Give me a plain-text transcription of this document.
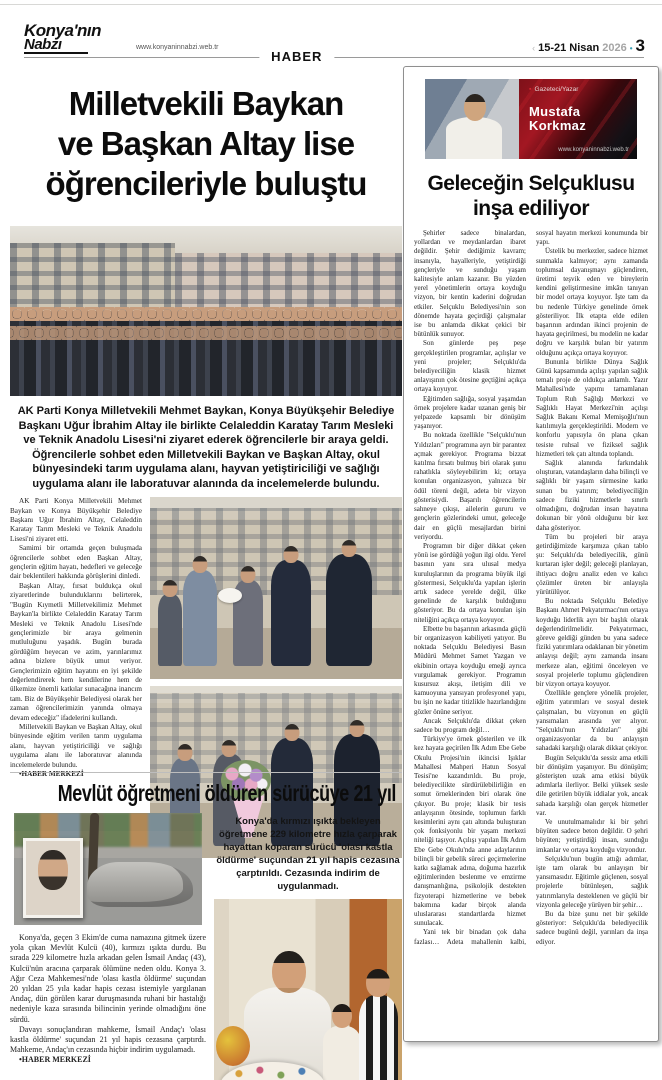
Konya'nın
Nabzı	www.konyaninnabzi.web.tr	‹ 15-21 Nisan 2026 • 3
HABER
Milletvekili Baykan
ve Başkan Altay lise
öğrencileriyle buluştu

AK Parti Konya Milletvekili Mehmet Baykan, Konya Büyükşehir Belediye Başkanı Uğur İbrahim Altay ile birlikte Celaleddin Karatay Tarım Mesleki ve Teknik Anadolu Lisesi'ni ziyaret ederek öğrencilerle bir araya geldi. Öğrencilerle sohbet eden Milletvekili Baykan ve Başkan Altay, okul bünyesindeki tarım uygulama alanı, hayvan yetiştiriciliği ve sağlığı uygulama alanı ile laboratuvar alanında da incelemelerde bulundu.

AK Parti Konya Milletvekili Mehmet Baykan ve Konya Büyükşehir Belediye Başkanı Uğur İbrahim Altay, Celaleddin Karatay Tarım Mesleki ve Teknik Anadolu Lisesi'ni ziyaret etti.

Samimi bir ortamda geçen buluşmada öğrencilerle sohbet eden Başkan Altay, gençlerin eğitim hayatı, hedefleri ve geleceğe dair beklentileri hakkında görüşlerini dinledi.

Başkan Altay, fırsat buldukça okul ziyaretlerinde bulunduklarını belirterek, "Bugün Kıymetli Milletvekilimiz Mehmet Baykan'la birlikte Celaleddin Karatay Tarım Mesleki ve Teknik Anadolu Lisesi'nde gençlerimizle bir araya gelmenin mutluluğunu yaşadık. Bugün burada gördüğüm heyecan ve azim, yarınlarımız adına bizlere büyük umut veriyor. Gençlerimizin eğitim hayatını en iyi şekilde değerlendirerek hem kendilerine hem de ülkemize önemli katkılar sunacağına inancım tam. Biz de Büyükşehir Belediyesi olarak her zaman öğrencilerimizin yanında olmaya devam edeceğiz" ifadelerini kullandı.

Milletvekili Baykan ve Başkan Altay, okul bünyesinde eğitim verilen tarım uygulama alanı, hayvan yetiştiriciliği ve sağlığı uygulama alanı ile laboratuvar alanında incelemelerde bulundu.

•HABER MERKEZİ

Mevlüt öğretmeni öldüren sürücüye 21 yıl

Konya'da, geçen 3 Ekim'de cuma namazına gitmek üzere yola çıkan Mevlüt Kulcü (40), kırmızı ışıkta durdu. Bu sırada 229 kilometre hızla arkadan gelen İsmail Andaç (43), Kulcü'nün aracına çarparak ölümüne neden oldu. Konya 3. Ağır Ceza Mahkemesi'nde 'olası kastla öldürme' suçundan 20 yıldan 25 yıla kadar hapis cezası istemiyle yargılanan Andaç, dün görülen karar duruşmasında ruhani bir hastalığı nedeniyle kaza sırasında bilincinin yerinde olmadığını öne sürdü.

Davayı sonuçlandıran mahkeme, İsmail Andaç'ı 'olası kastla öldürme' suçundan 21 yıl hapis cezasına çarptırdı. Mahkeme, Andaç'ın cezasında hiçbir indirim uygulamadı.

•HABER MERKEZİ

Konya'da kırmızı ışıkta bekleyen öğretmene 229 kilometre hızla çarparak hayattan koparan sürücü 'olası kastla öldürme' suçundan 21 yıl hapis cezasına çarptırıldı. Cezasında indirim de uygulanmadı.

▪ Gazeteci/Yazar
Mustafa
Korkmaz
www.konyaninnabzi.web.tr
Geleceğin Selçuklusu
inşa ediliyor

Şehirler sadece binalardan, yollardan ve meydanlardan ibaret değildir. Şehir dediğimiz kavram; insanıyla, hayalleriyle, yetiştirdiği gençleriyle ve sunduğu yaşam kalitesiyle anlam kazanır. Bu yüzden yerel yönetimlerin ortaya koyduğu vizyon, bir kentin kaderini doğrudan etkiler. Selçuklu Belediyesi'nin son dönemde hayata geçirdiği çalışmalar ise bu anlamda dikkat çekici bir bütünlük sunuyor.

Son günlerde peş peşe gerçekleştirilen programlar, açılışlar ve yeni projeler; Selçuklu'da belediyeciliğin klasik hizmet anlayışının çok ötesine geçtiğini açıkça ortaya koyuyor.

Eğitimden sağlığa, sosyal yaşamdan örnek projelere kadar uzanan geniş bir yelpazede kapsamlı bir dönüşüm yaşanıyor.

Bu noktada özellikle "Selçuklu'nun Yıldızları" programına ayrı bir parantez açmak gerekiyor. Programa bizzat katılma fırsatı bulmuş biri olarak şunu rahatlıkla söyleyebilirim ki; ortaya konulan organizasyon, yalnızca bir ödül töreni değil, adeta bir vizyon gösterisiydi. Başarılı öğrencilerin sahneye çıkışı, ailelerin gururu ve gençlerin gözlerindeki umut, geleceğe dair en güçlü mesajlardan birini veriyordu.

Programın bir diğer dikkat çeken yönü ise gördüğü yoğun ilgi oldu. Yerel basının yanı sıra ulusal medya kuruluşlarının da programa büyük ilgi göstermesi, Selçuklu'da yapılan işlerin artık sadece yerelde değil, ülke genelinde de karşılık bulduğunu gösteriyor. Bu da ortaya konulan işin niteliğini açıkça ortaya koyuyor.

Elbette bu başarının arkasında güçlü bir organizasyon kabiliyeti yatıyor. Bu noktada Selçuklu Belediyesi Basın Müdürü Mehmet Samet Yazgan ve ekibinin ortaya koyduğu emeği ayrıca vurgulamak gerekiyor. Programın kusursuz akışı, iletişim dili ve kamuoyuna yansıyan profesyonel yapı, bu işin ne kadar titizlikle hazırlandığını gözler önüne seriyor.

Ancak Selçuklu'da dikkat çeken sadece bu program değil…

Türkiye'ye örnek gösterilen ve ilk kez hayata geçirilen İlk Adım Ebe Gebe Okulu Projesi'nin ikincisi Işıklar Mahallesi Mahperi Hatun Sosyal Tesisi'ne kazandırıldı. Bu proje, belediyecilikte sürdürülebilirliğin en somut örneklerinden biri olarak öne çıkıyor. Bu proje; klasik bir tesis anlayışının ötesinde, toplumun farklı kesimlerini aynı çatı altında buluşturan çok fonksiyonlu bir yaşam merkezi niteliği taşıyor. Açılışı yapılan İlk Adım Ebe Gebe Okulu'nda anne adaylarının bilinçli bir gebelik süreci geçirmelerine katkı sağlamak adına, doğuma hazırlık eğitimlerinden beslenme ve emzirme danışmanlığına, psikolojik destekten fizyoterapi hizmetlerine ve bebek bakımına kadar birçok alanda uluslararası standartlarda hizmet sunulacak.

Yani tek bir binadan çok daha fazlası… Adeta mahallenin kalbi, sosyal hayatın merkezi konumunda bir yapı.

Üstelik bu merkezler, sadece hizmet sunmakla kalmıyor; aynı zamanda toplumsal dayanışmayı güçlendiren, üretimi teşvik eden ve bireylerin kendini geliştirmesine imkân tanıyan bir model ortaya koyuyor. İşte tam da bu nedenle Türkiye genelinde örnek gösteriliyor. İlk etapta elde edilen başarının ardından ikinci projenin de hayata geçirilmesi, bu modelin ne kadar doğru ve karşılık bulan bir yatırım olduğunu açıkça ortaya koyuyor.

Bununla birlikte Dünya Sağlık Günü kapsamında açılışı yapılan sağlık temalı proje de oldukça anlamlı. Yazır Mahallesi'nde yapımı tamamlanan Toplum Ruh Sağlığı Merkezi ve Sağlıklı Hayat Merkezi'nin açılışı Sağlık Bakanı Kemal Memişoğlu'nun katılımıyla gerçekleştirildi. Modern ve konforlu yapısıyla ön plana çıkan tesiste ruhsal ve fiziksel sağlık hizmetleri tek çatı altında toplandı.

Sağlık alanında farkındalık oluşturan, vatandaşların daha bilinçli ve sağlıklı bir yaşam sürmesine katkı sunan bu yatırım; belediyeciliğin sadece fiziki hizmetlerle sınırlı olmadığını, doğrudan insan hayatına dokunan bir yönü olduğunu bir kez daha gösteriyor.

Tüm bu projeleri bir araya getirdiğimizde karşımıza çıkan tablo şu: Selçuklu'da belediyecilik, günü kurtaran işler değil; geleceği planlayan, ihtiyacı doğru analiz eden ve kalıcı çözümler üreten bir anlayışla yürütülüyor.

Bu noktada Selçuklu Belediye Başkanı Ahmet Pekyatırmacı'nın ortaya koyduğu liderlik ayrı bir başlık olarak değerlendirilmelidir. Pekyatırmacı, göreve geldiği günden bu yana sadece fiziki yatırımlara odaklanan bir yönetim anlayışı değil; aynı zamanda insanı merkeze alan, eğitimi önceleyen ve sosyal projelerle toplumu güçlendiren bir vizyon ortaya koyuyor.

Özellikle gençlere yönelik projeler, eğitim yatırımları ve sosyal destek çalışmaları, bu vizyonun en güçlü yansımaları arasında yer alıyor. "Selçuklu'nun Yıldızları" gibi organizasyonlar da bu anlayışın sahadaki karşılığı olarak dikkat çekiyor.

Bugün Selçuklu'da sessiz ama etkili bir dönüşüm yaşanıyor. Bu dönüşüm; gösterişten uzak ama etkisi büyük adımlarla ilerliyor. Belki yüksek sesle dile getirilen büyük iddialar yok, ancak sahada karşılığı olan gerçek hizmetler var.

Ve unutulmamalıdır ki bir şehri büyüten sadece beton değildir. O şehri büyüten; yetiştirdiği insan, sunduğu imkanlar ve ortaya koyduğu vizyondur.

Selçuklu'nun bugün attığı adımlar, işte tam olarak bu anlayışın bir yansımasıdır. Eğitimle güçlenen, sosyal projelerle bütünleşen, sağlık yatırımlarıyla desteklenen ve güçlü bir vizyonla geleceğe yürüyen bir şehir…

Bu da bize şunu net bir şekilde gösteriyor: Selçuklu'da belediyecilik sadece bugünü değil, yarınları da inşa ediyor.
